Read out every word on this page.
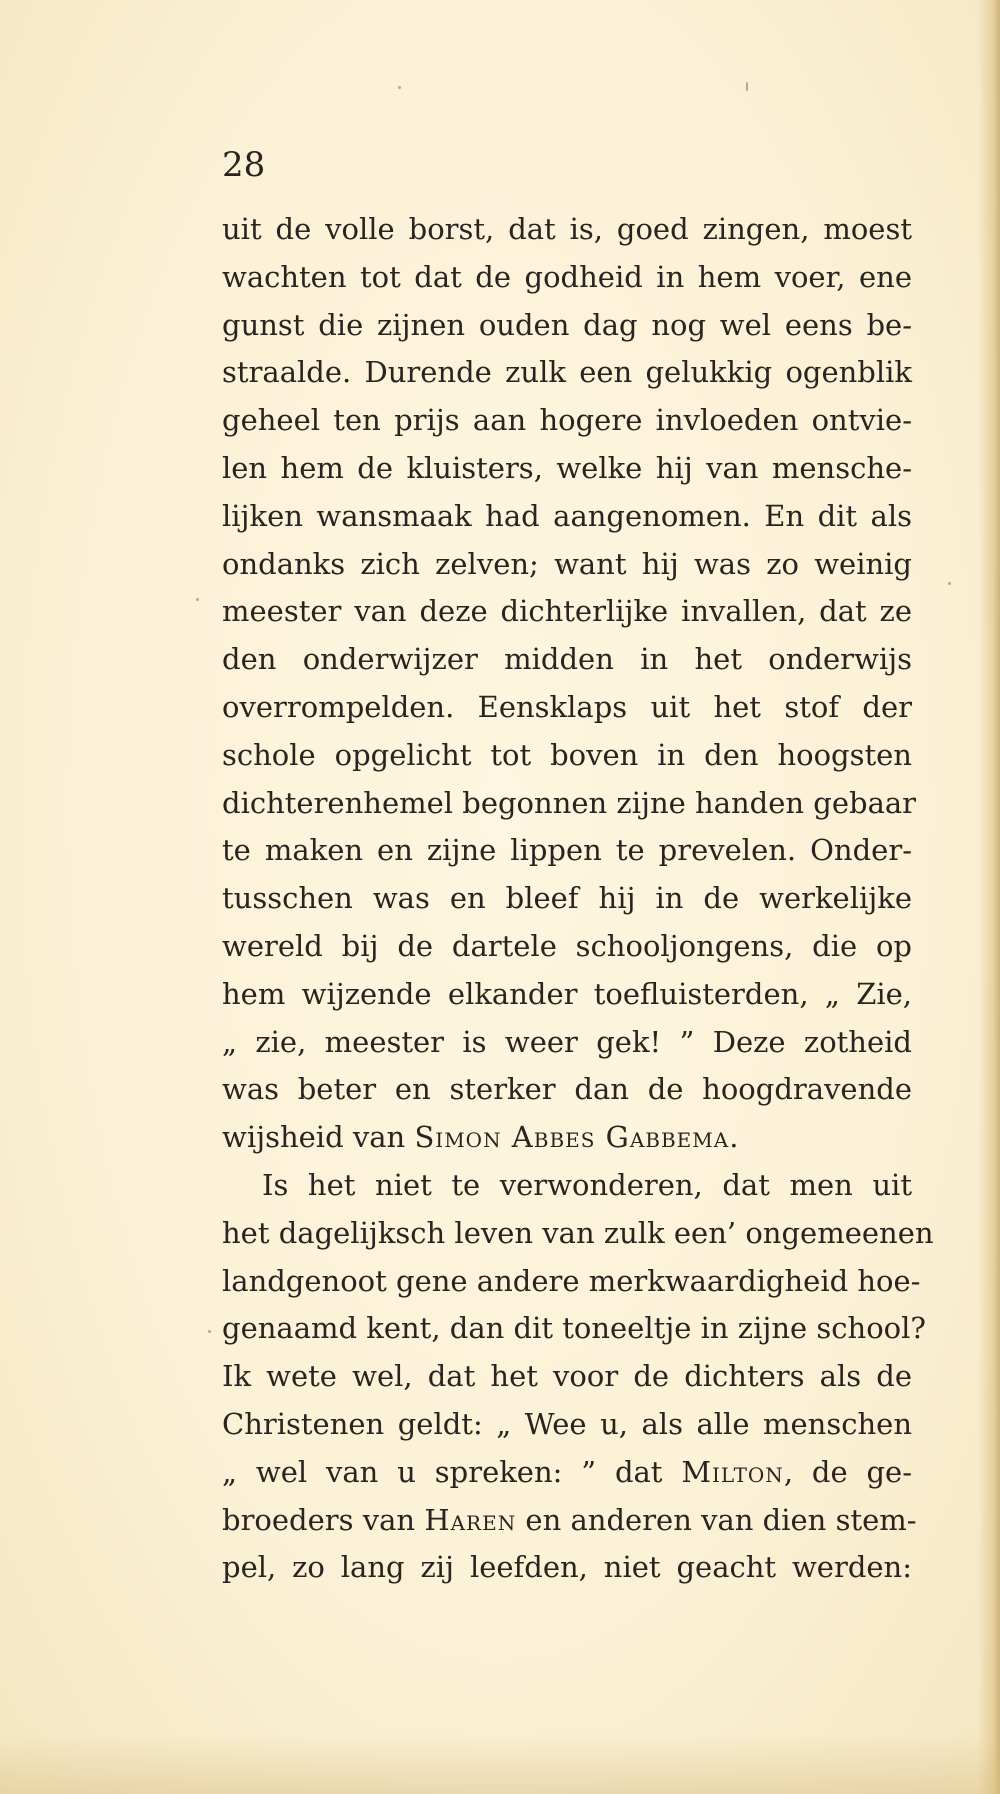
28
uit de volle borst, dat is, goed zingen, moest
wachten tot dat de godheid in hem voer, ene
gunst die zijnen ouden dag nog wel eens be-
straalde. Durende zulk een gelukkig ogenblik
geheel ten prijs aan hogere invloeden ontvie-
len hem de kluisters, welke hij van mensche-
lijken wansmaak had aangenomen. En dit als
ondanks zich zelven; want hij was zo weinig
meester van deze dichterlijke invallen, dat ze
den onderwijzer midden in het onderwijs
overrompelden. Eensklaps uit het stof der
schole opgelicht tot boven in den hoogsten
dichterenhemel begonnen zijne handen gebaar
te maken en zijne lippen te prevelen. Onder-
tusschen was en bleef hij in de werkelijke
wereld bij de dartele schooljongens, die op
hem wijzende elkander toefluisterden, „ Zie,
„ zie, meester is weer gek! ” Deze zotheid
was beter en sterker dan de hoogdravende
wijsheid van Simon Abbes Gabbema.
Is het niet te verwonderen, dat men uit
het dagelijksch leven van zulk een’ ongemeenen
landgenoot gene andere merkwaardigheid hoe-
genaamd kent, dan dit toneeltje in zijne school?
Ik wete wel, dat het voor de dichters als de
Christenen geldt: „ Wee u, als alle menschen
„ wel van u spreken: ” dat Milton, de ge-
broeders van Haren en anderen van dien stem-
pel, zo lang zij leefden, niet geacht werden:
